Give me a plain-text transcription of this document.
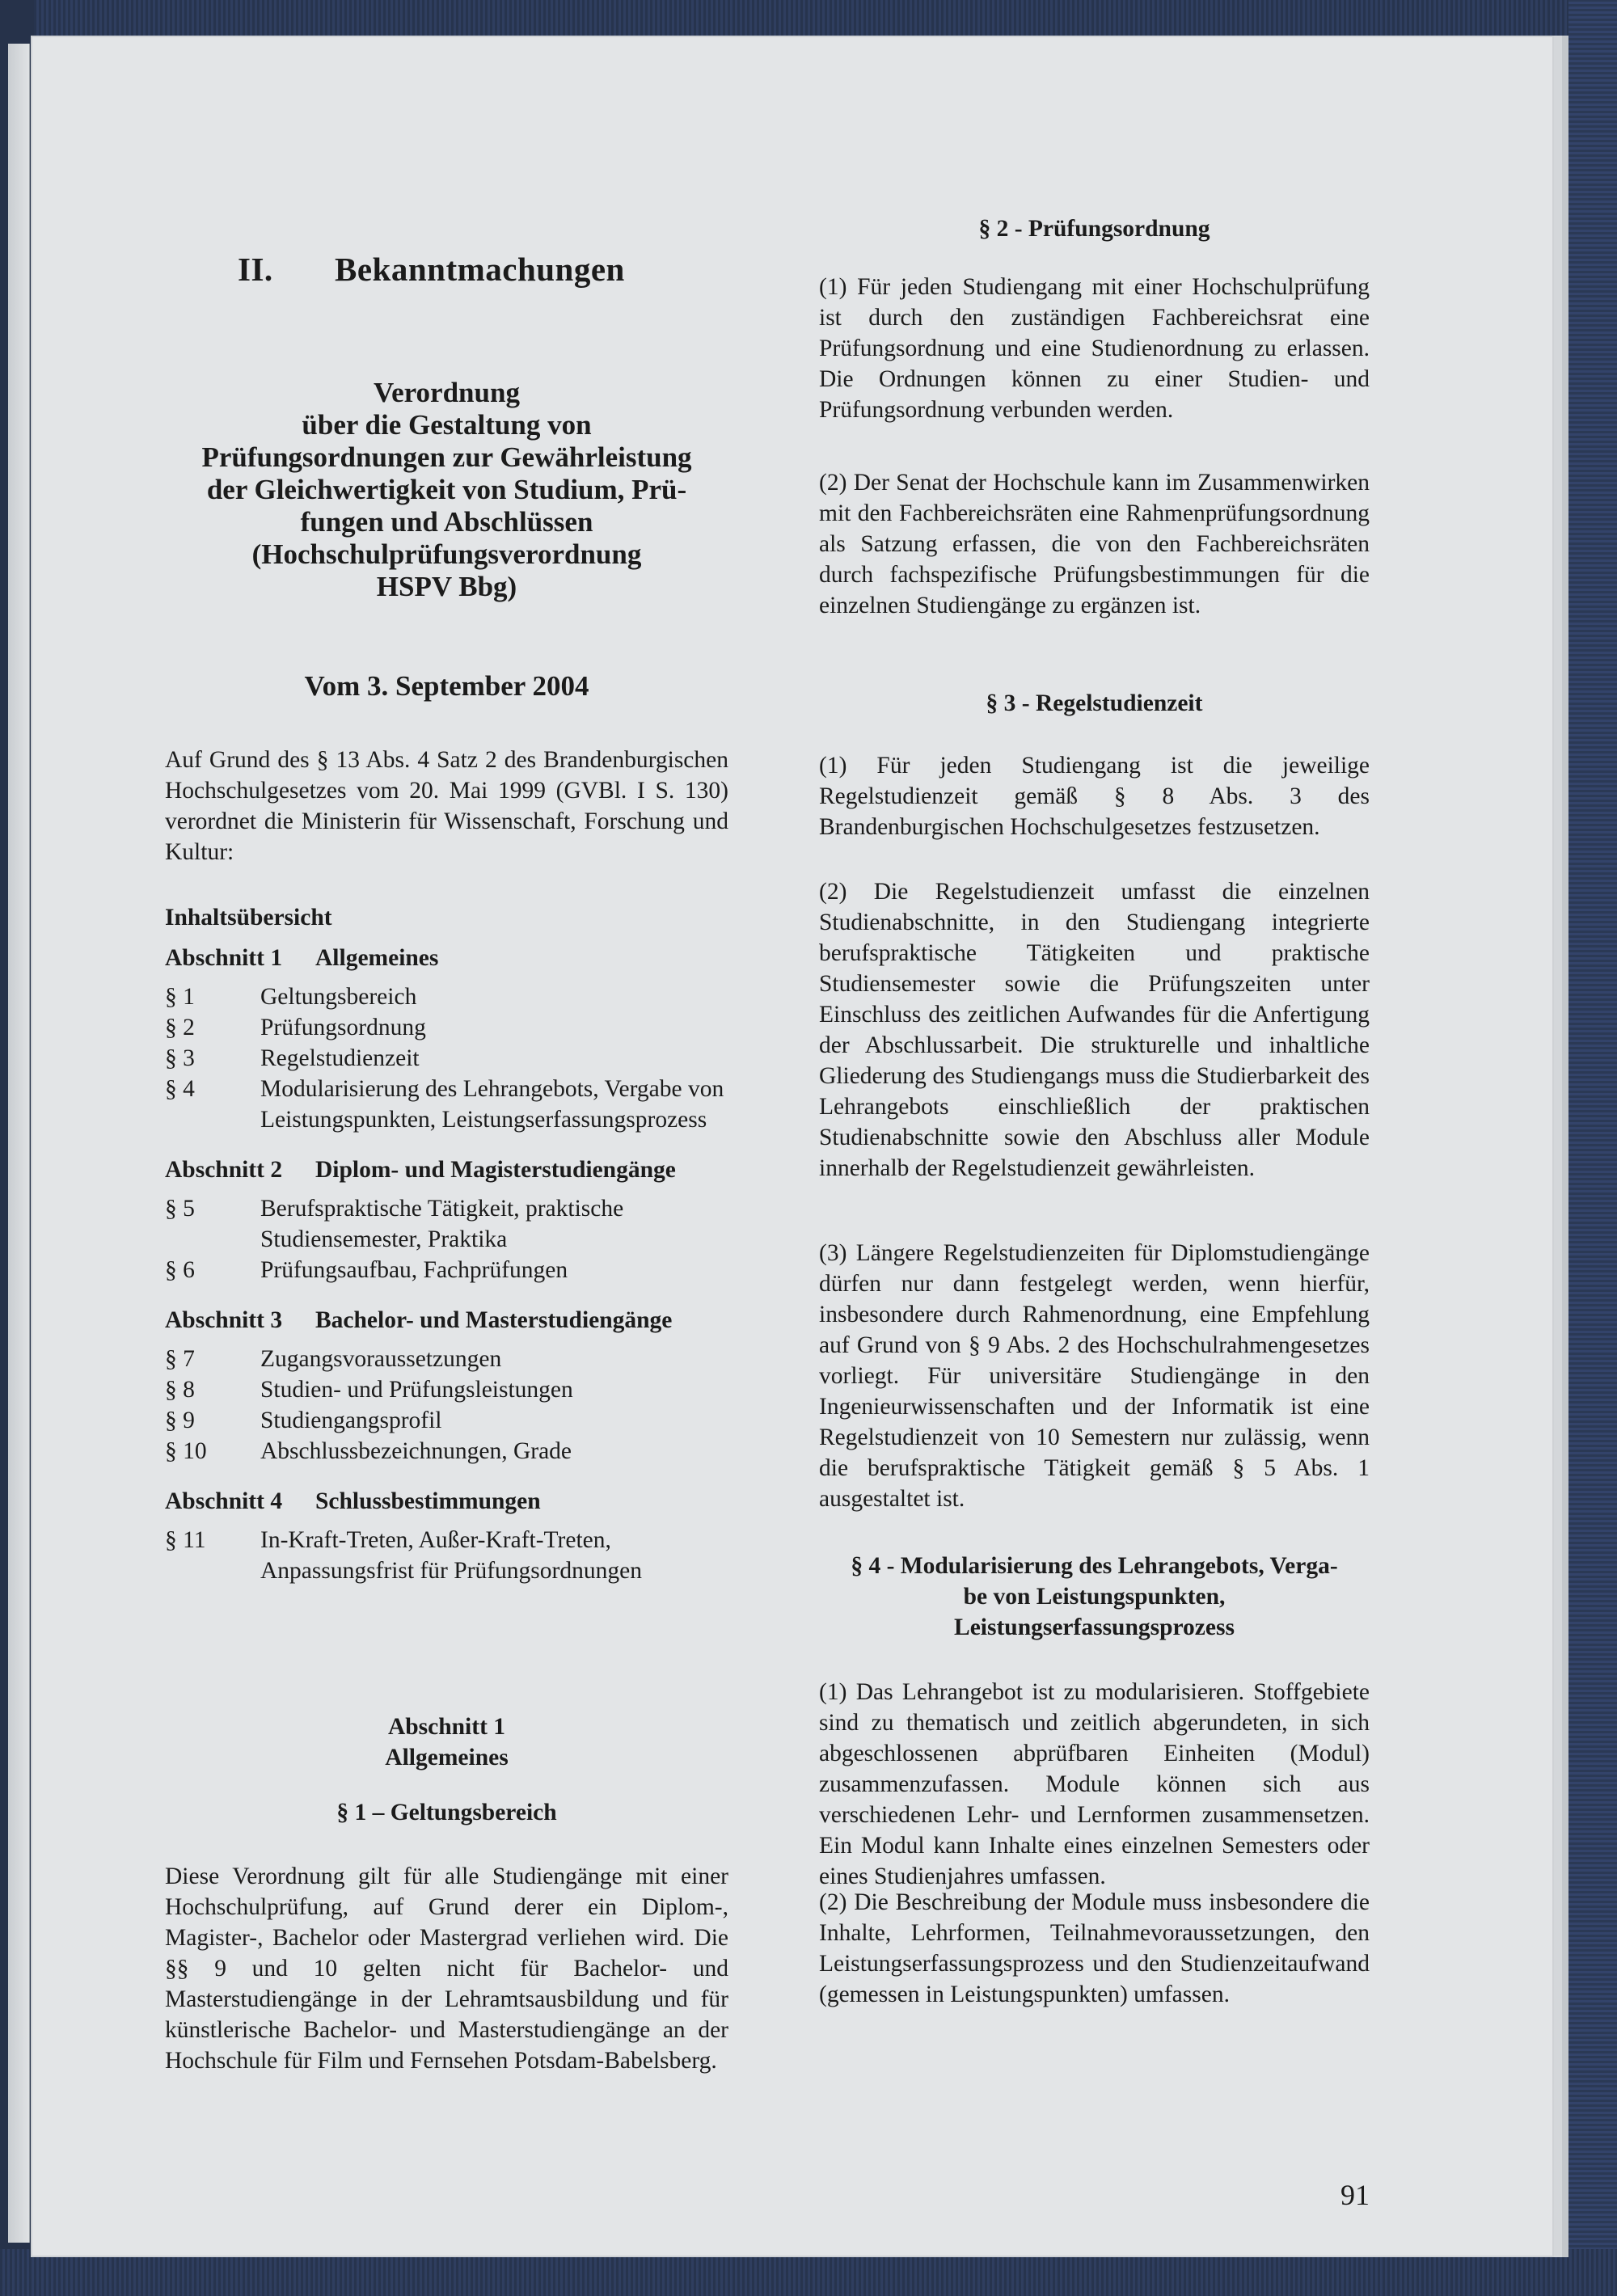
II. Bekanntmachungen
Verordnung
über die Gestaltung von
Prüfungsordnungen zur Gewährleistung
der Gleichwertigkeit von Studium, Prü-
fungen und Abschlüssen
(Hochschulprüfungsverordnung
HSPV Bbg)
Vom 3. September 2004
Auf Grund des § 13 Abs. 4 Satz 2 des Brandenburgischen Hochschulgesetzes vom 20. Mai 1999 (GVBl. I S. 130) verordnet die Ministerin für Wissenschaft, Forschung und Kultur:
Inhaltsübersicht
Abschnitt 1 Allgemeines
§ 1	Geltungsbereich
§ 2	Prüfungsordnung
§ 3	Regelstudienzeit
§ 4	Modularisierung des Lehrangebots, Vergabe von Leistungspunkten, Leistungserfassungsprozess
Abschnitt 2 Diplom- und Magisterstudiengänge
§ 5	Berufspraktische Tätigkeit, praktische Studiensemester, Praktika
§ 6	Prüfungsaufbau, Fachprüfungen
Abschnitt 3 Bachelor- und Masterstudiengänge
§ 7	Zugangsvoraussetzungen
§ 8	Studien- und Prüfungsleistungen
§ 9	Studiengangsprofil
§ 10	Abschlussbezeichnungen, Grade
Abschnitt 4 Schlussbestimmungen
§ 11	In-Kraft-Treten, Außer-Kraft-Treten, Anpassungsfrist für Prüfungsordnungen
Abschnitt 1
Allgemeines
§ 1 – Geltungsbereich
Diese Verordnung gilt für alle Studiengänge mit einer Hochschulprüfung, auf Grund derer ein Diplom-, Magister-, Bachelor oder Mastergrad verliehen wird. Die §§ 9 und 10 gelten nicht für Bachelor- und Masterstudiengänge in der Lehramtsausbildung und für künstlerische Bachelor- und Masterstudiengänge an der Hochschule für Film und Fernsehen Potsdam-Babelsberg.
§ 2 - Prüfungsordnung
(1) Für jeden Studiengang mit einer Hochschulprüfung ist durch den zuständigen Fachbereichsrat eine Prüfungsordnung und eine Studienordnung zu erlassen. Die Ordnungen können zu einer Studien- und Prüfungsordnung verbunden werden.
(2) Der Senat der Hochschule kann im Zusammenwirken mit den Fachbereichsräten eine Rahmenprüfungsordnung als Satzung erfassen, die von den Fachbereichsräten durch fachspezifische Prüfungsbestimmungen für die einzelnen Studiengänge zu ergänzen ist.
§ 3 - Regelstudienzeit
(1) Für jeden Studiengang ist die jeweilige Regelstudienzeit gemäß § 8 Abs. 3 des Brandenburgischen Hochschulgesetzes festzusetzen.
(2) Die Regelstudienzeit umfasst die einzelnen Studienabschnitte, in den Studiengang integrierte berufspraktische Tätigkeiten und praktische Studiensemester sowie die Prüfungszeiten unter Einschluss des zeitlichen Aufwandes für die Anfertigung der Abschlussarbeit. Die strukturelle und inhaltliche Gliederung des Studiengangs muss die Studierbarkeit des Lehrangebots einschließlich der praktischen Studienabschnitte sowie den Abschluss aller Module innerhalb der Regelstudienzeit gewährleisten.
(3) Längere Regelstudienzeiten für Diplomstudiengänge dürfen nur dann festgelegt werden, wenn hierfür, insbesondere durch Rahmenordnung, eine Empfehlung auf Grund von § 9 Abs. 2 des Hochschulrahmengesetzes vorliegt. Für universitäre Studiengänge in den Ingenieurwissenschaften und der Informatik ist eine Regelstudienzeit von 10 Semestern nur zulässig, wenn die berufspraktische Tätigkeit gemäß § 5 Abs. 1 ausgestaltet ist.
§ 4 - Modularisierung des Lehrangebots, Verga-
be von Leistungspunkten,
Leistungserfassungsprozess
(1) Das Lehrangebot ist zu modularisieren. Stoffgebiete sind zu thematisch und zeitlich abgerundeten, in sich abgeschlossenen abprüfbaren Einheiten (Modul) zusammenzufassen. Module können sich aus verschiedenen Lehr- und Lernformen zusammensetzen. Ein Modul kann Inhalte eines einzelnen Semesters oder eines Studienjahres umfassen.
(2) Die Beschreibung der Module muss insbesondere die Inhalte, Lehrformen, Teilnahmevoraussetzungen, den Leistungserfassungsprozess und den Studienzeitaufwand (gemessen in Leistungspunkten) umfassen.
91
